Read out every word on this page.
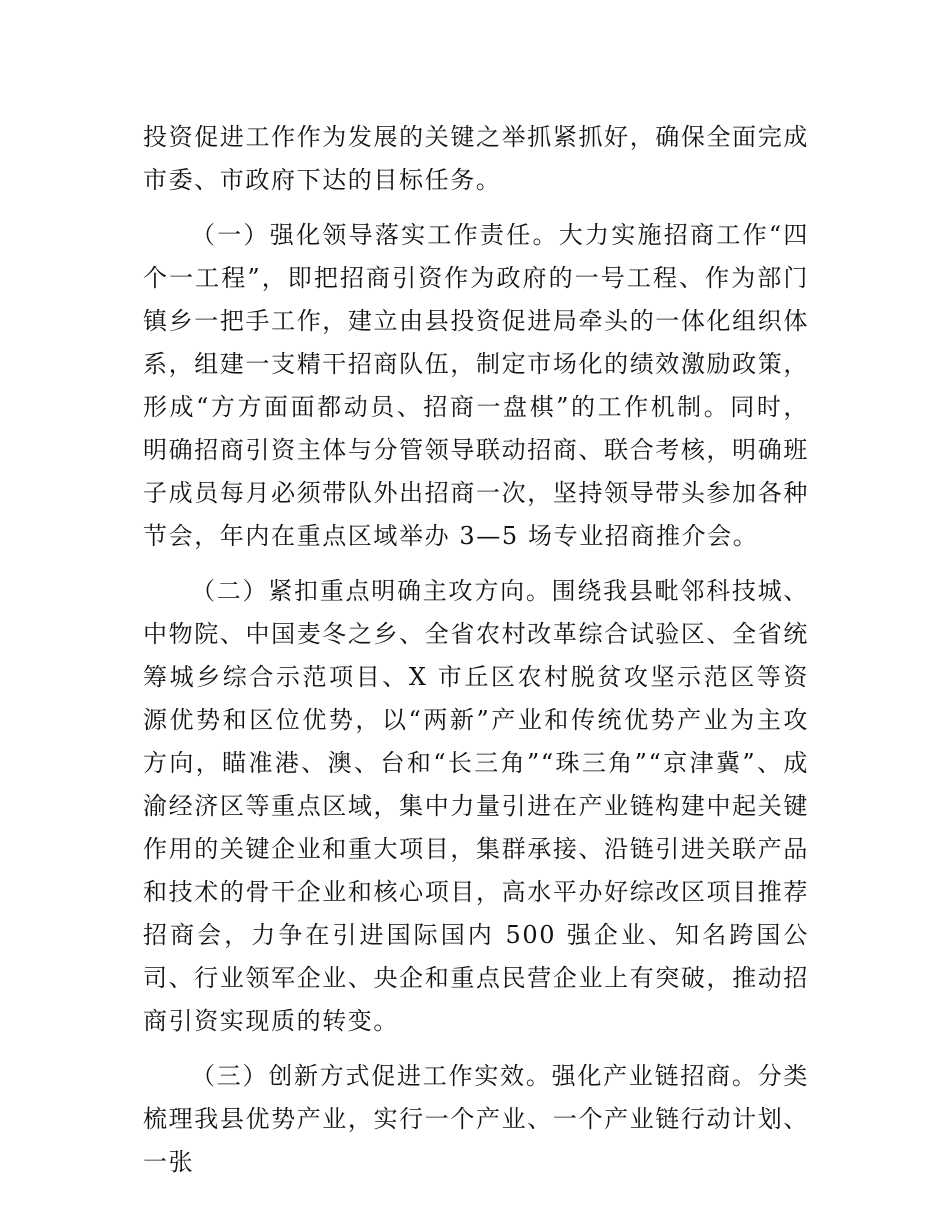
投资促进工作作为发展的关键之举抓紧抓好，确保全面完成市委、市政府下达的目标任务。

（一）强化领导落实工作责任。大力实施招商工作“四个一工程”，即把招商引资作为政府的一号工程、作为部门镇乡一把手工作，建立由县投资促进局牵头的一体化组织体系，组建一支精干招商队伍，制定市场化的绩效激励政策，形成“方方面面都动员、招商一盘棋”的工作机制。同时，明确招商引资主体与分管领导联动招商、联合考核，明确班子成员每月必须带队外出招商一次，坚持领导带头参加各种节会，年内在重点区域举办 3—5 场专业招商推介会。

（二）紧扣重点明确主攻方向。围绕我县毗邻科技城、中物院、中国麦冬之乡、全省农村改革综合试验区、全省统筹城乡综合示范项目、X 市丘区农村脱贫攻坚示范区等资源优势和区位优势，以“两新”产业和传统优势产业为主攻方向，瞄准港、澳、台和“长三角”“珠三角”“京津冀”、成渝经济区等重点区域，集中力量引进在产业链构建中起关键作用的关键企业和重大项目，集群承接、沿链引进关联产品和技术的骨干企业和核心项目，高水平办好综改区项目推荐招商会，力争在引进国际国内 500 强企业、知名跨国公司、行业领军企业、央企和重点民营企业上有突破，推动招商引资实现质的转变。

（三）创新方式促进工作实效。强化产业链招商。分类梳理我县优势产业，实行一个产业、一个产业链行动计划、一张
